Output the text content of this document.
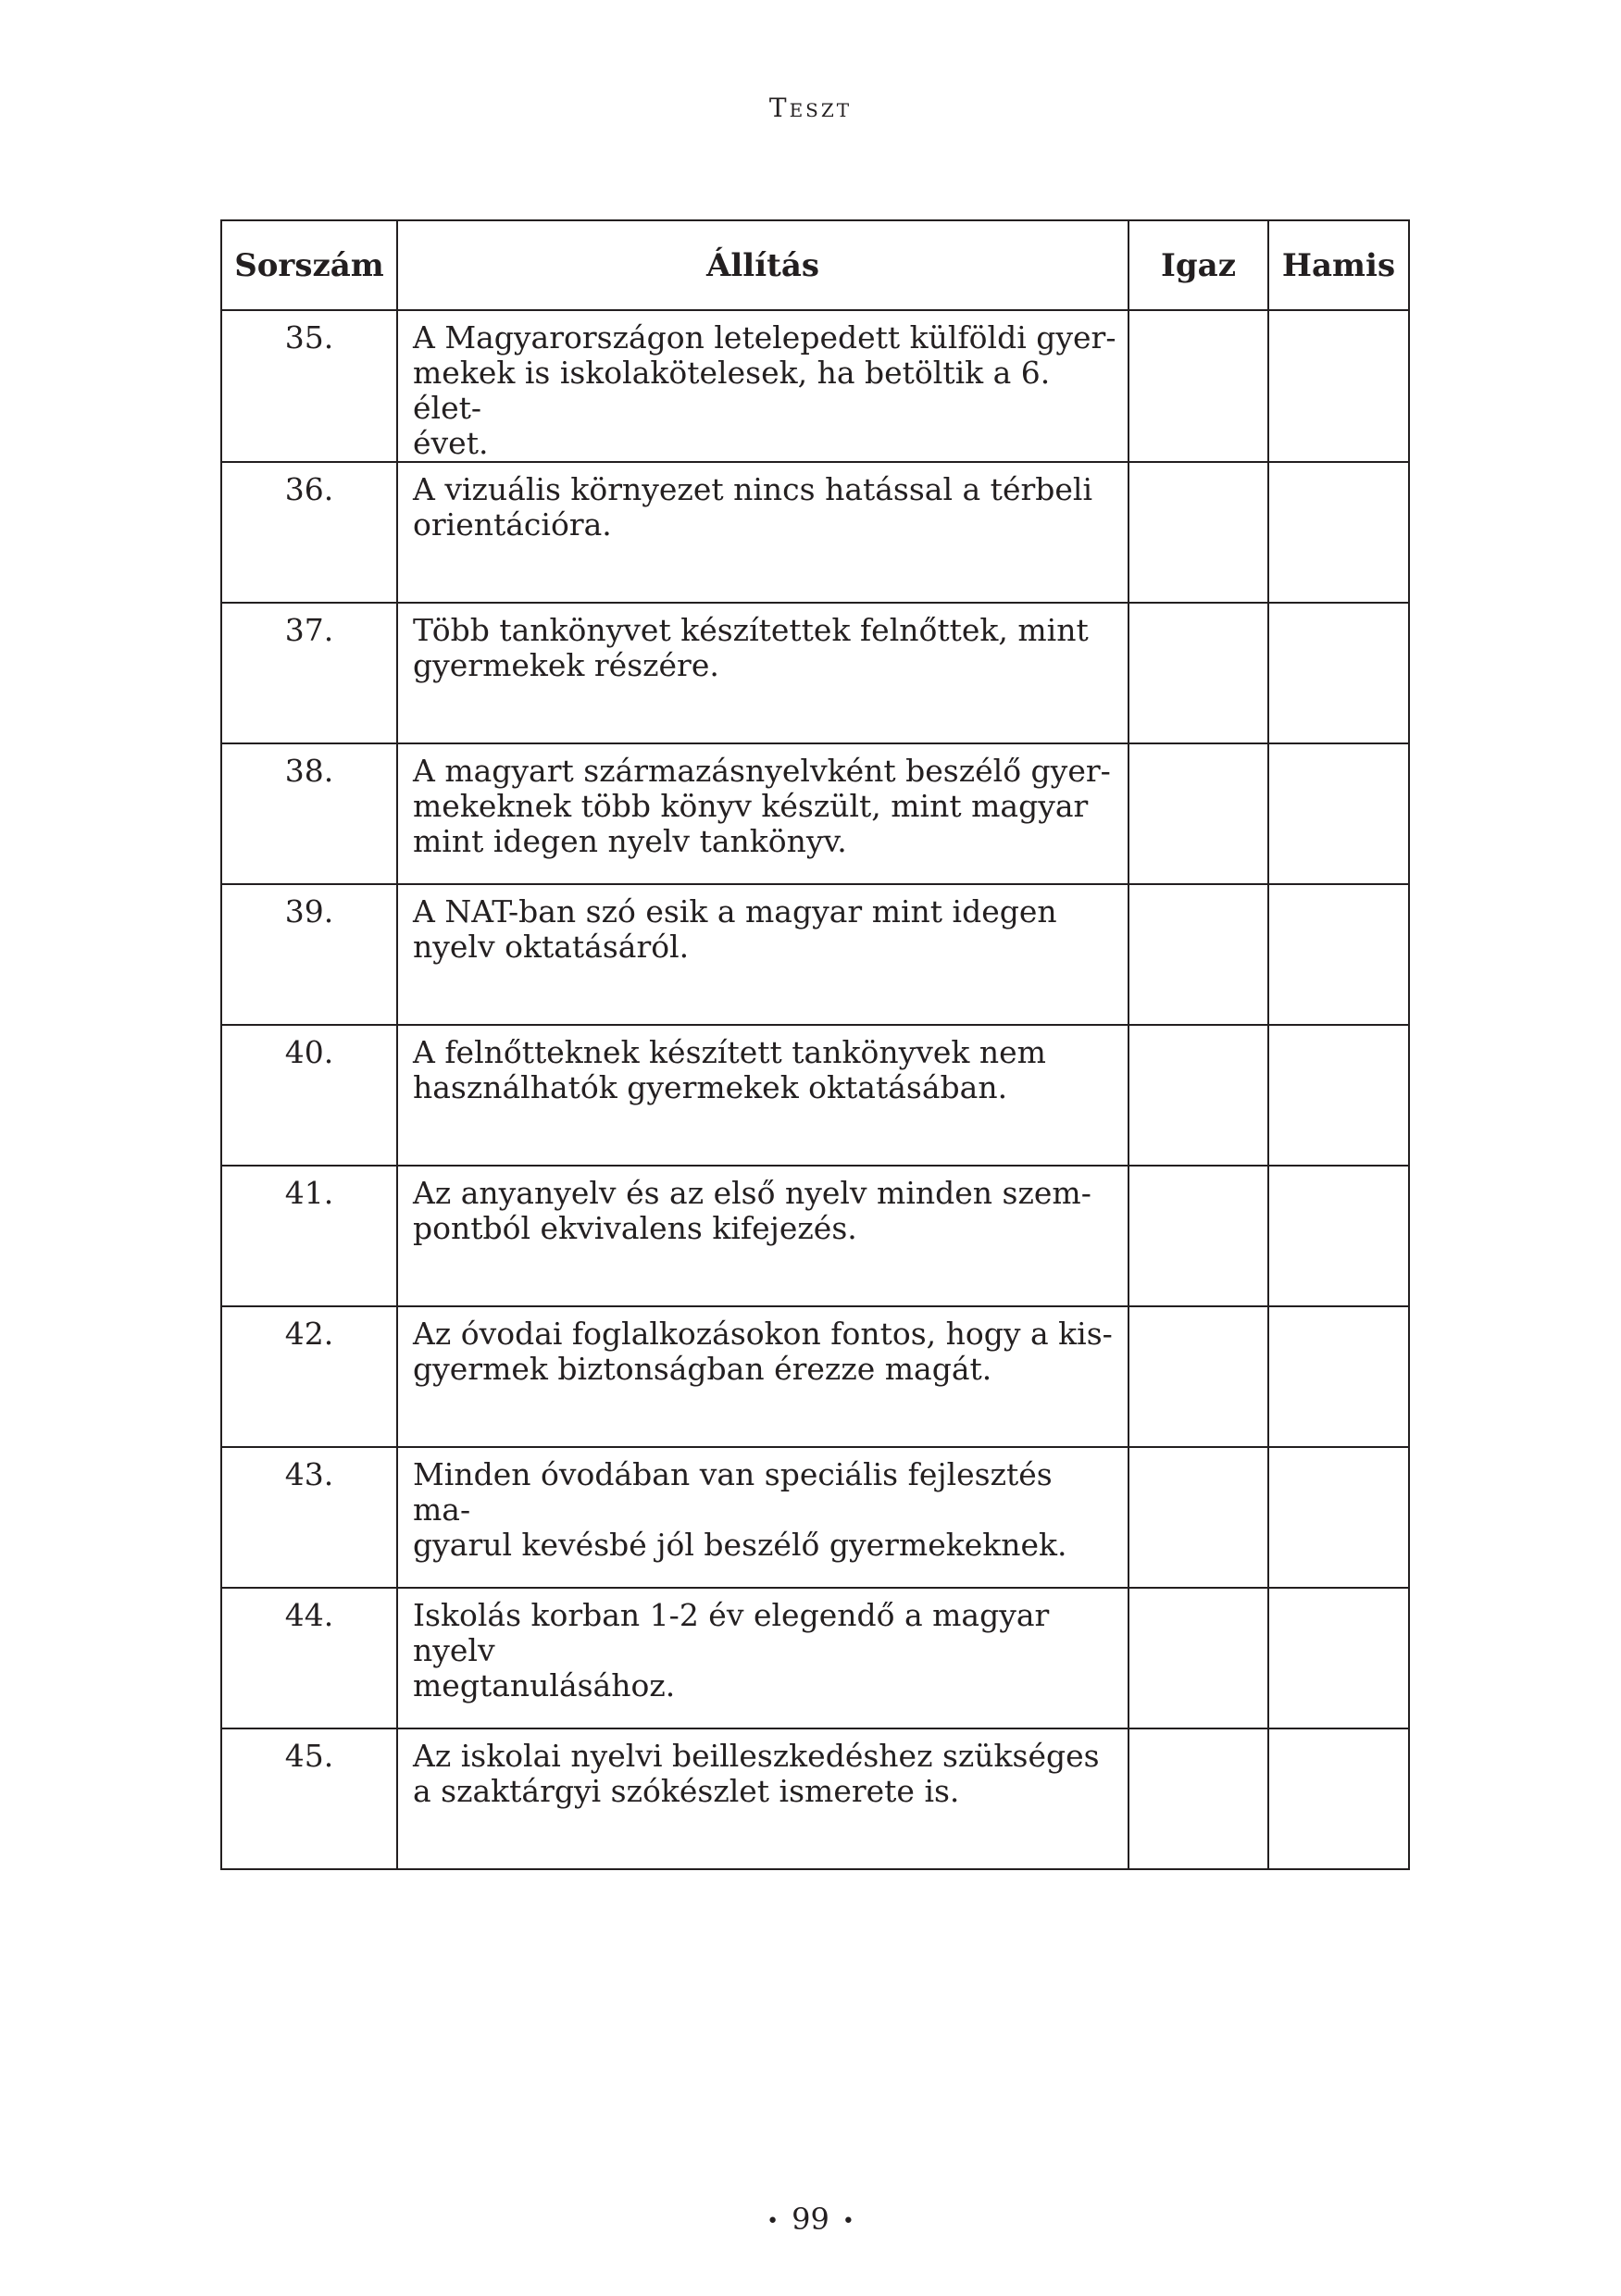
Teszt
Sorszám	Állítás	Igaz	Hamis
35.	A Magyarországon letelepedett külföldi gyer-
mekek is iskolakötelesek, ha betöltik a 6. élet-
évet.		
36.	A vizuális környezet nincs hatással a térbeli
orientációra.		
37.	Több tankönyvet készítettek felnőttek, mint
gyermekek részére.		
38.	A magyart származásnyelvként beszélő gyer-
mekeknek több könyv készült, mint magyar
mint idegen nyelv tankönyv.		
39.	A NAT-ban szó esik a magyar mint idegen
nyelv oktatásáról.		
40.	A felnőtteknek készített tankönyvek nem
használhatók gyermekek oktatásában.		
41.	Az anyanyelv és az első nyelv minden szem-
pontból ekvivalens kifejezés.		
42.	Az óvodai foglalkozásokon fontos, hogy a kis-
gyermek biztonságban érezze magát.		
43.	Minden óvodában van speciális fejlesztés ma-
gyarul kevésbé jól beszélő gyermekeknek.		
44.	Iskolás korban 1-2 év elegendő a magyar nyelv
megtanulásához.		
45.	Az iskolai nyelvi beilleszkedéshez szükséges
a szaktárgyi szókészlet ismerete is.		
• 99 •
